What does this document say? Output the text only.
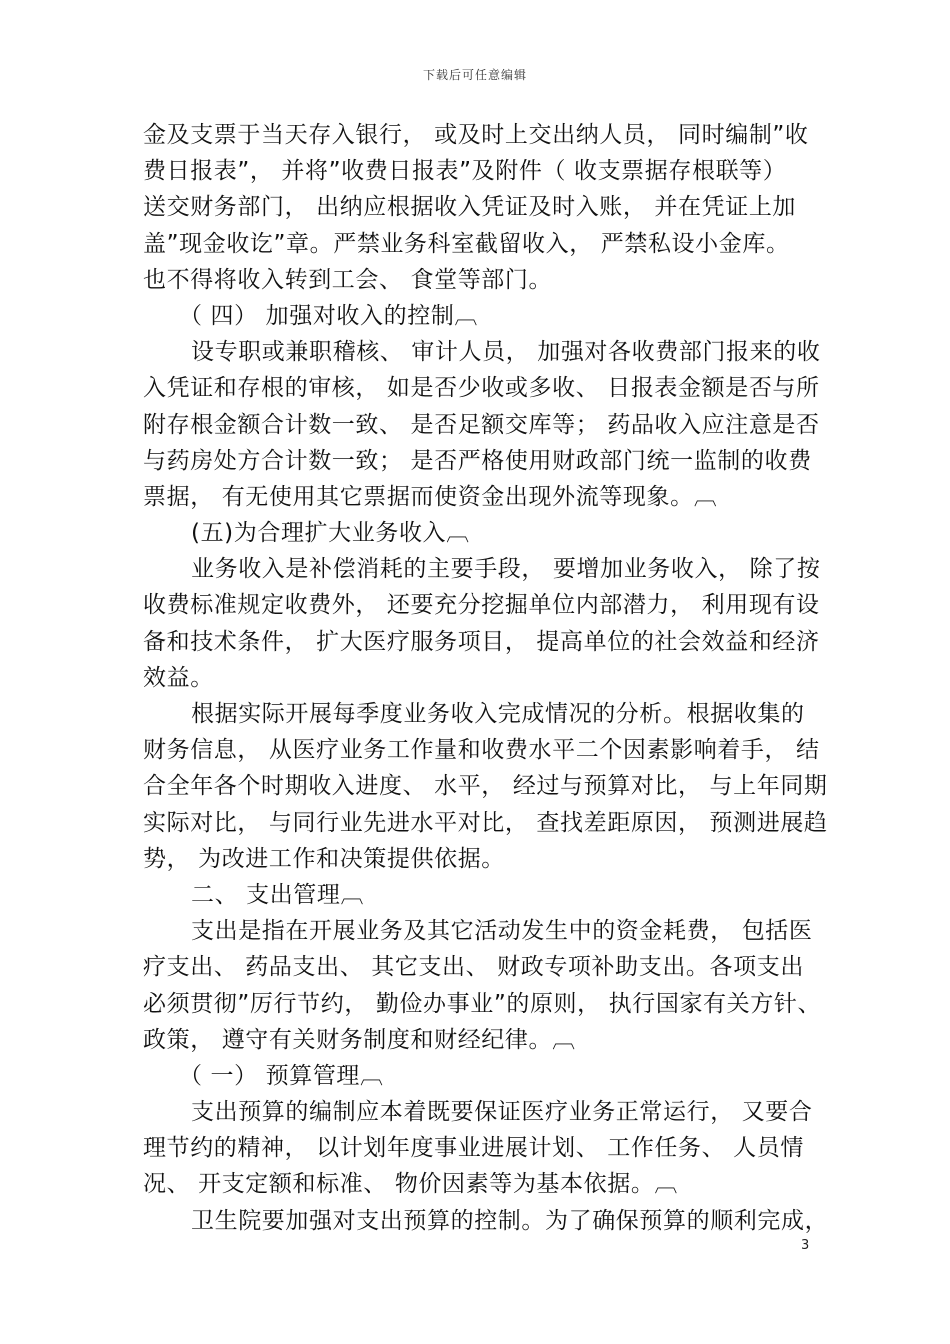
下载后可任意编辑
金及支票于当天存入银行， 或及时上交出纳人员， 同时编制”收
费日报表”， 并将”收费日报表”及附件（ 收支票据存根联等）
送交财务部门， 出纳应根据收入凭证及时入账， 并在凭证上加
盖”现金收讫”章。严禁业务科室截留收入， 严禁私设小金库。
也不得将收入转到工会、 食堂等部门。
（ 四） 加强对收入的控制︹
设专职或兼职稽核、 审计人员， 加强对各收费部门报来的收
入凭证和存根的审核， 如是否少收或多收、 日报表金额是否与所
附存根金额合计数一致、 是否足额交库等； 药品收入应注意是否
与药房处方合计数一致； 是否严格使用财政部门统一监制的收费
票据， 有无使用其它票据而使资金出现外流等现象。︹
(五)为合理扩大业务收入︹
业务收入是补偿消耗的主要手段， 要增加业务收入， 除了按
收费标准规定收费外， 还要充分挖掘单位内部潜力， 利用现有设
备和技术条件， 扩大医疗服务项目， 提高单位的社会效益和经济
效益。
根据实际开展每季度业务收入完成情况的分析。根据收集的
财务信息， 从医疗业务工作量和收费水平二个因素影响着手， 结
合全年各个时期收入进度、 水平， 经过与预算对比， 与上年同期
实际对比， 与同行业先进水平对比， 查找差距原因， 预测进展趋
势， 为改进工作和决策提供依据。
二、 支出管理︹
支出是指在开展业务及其它活动发生中的资金耗费， 包括医
疗支出、 药品支出、 其它支出、 财政专项补助支出。各项支出
必须贯彻”厉行节约， 勤俭办事业”的原则， 执行国家有关方针、
政策， 遵守有关财务制度和财经纪律。︹
（ 一） 预算管理︹
支出预算的编制应本着既要保证医疗业务正常运行， 又要合
理节约的精神， 以计划年度事业进展计划、 工作任务、 人员情
况、 开支定额和标准、 物价因素等为基本依据。︹
卫生院要加强对支出预算的控制。为了确保预算的顺利完成，
3
